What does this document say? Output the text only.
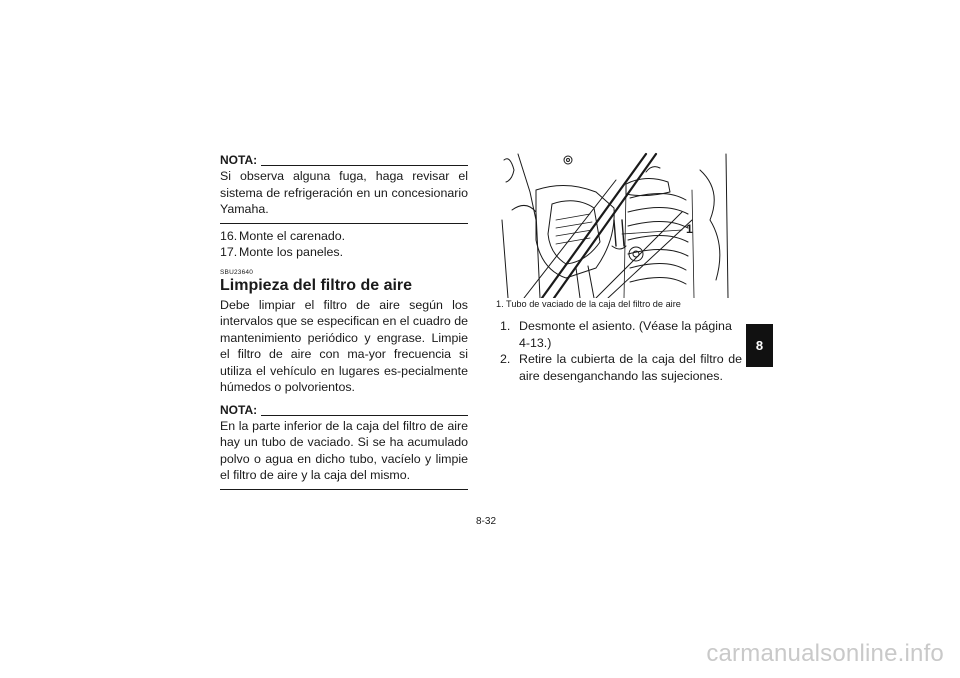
NOTA:

Si observa alguna fuga, haga revisar el sistema de refrigeración en un concesionario Yamaha.

16. Monte el carenado.
17. Monte los paneles.
SBU23640
Limpieza del filtro de aire

Debe limpiar el filtro de aire según los intervalos que se especifican en el cuadro de mantenimiento periódico y engrase. Limpie el filtro de aire con ma-yor frecuencia si utiliza el vehículo en lugares es-pecialmente húmedos o polvorientos.

NOTA:

En la parte inferior de la caja del filtro de aire hay un tubo de vaciado. Si se ha acumulado polvo o agua en dicho tubo, vacíelo y limpie el filtro de aire y la caja del mismo.

1
1. Tubo de vaciado de la caja del filtro de aire
1. Desmonte el asiento. (Véase la página 4-13.)
2. Retire la cubierta de la caja del filtro de aire desenganchando las sujeciones.
8
8-32
carmanualsonline.info
